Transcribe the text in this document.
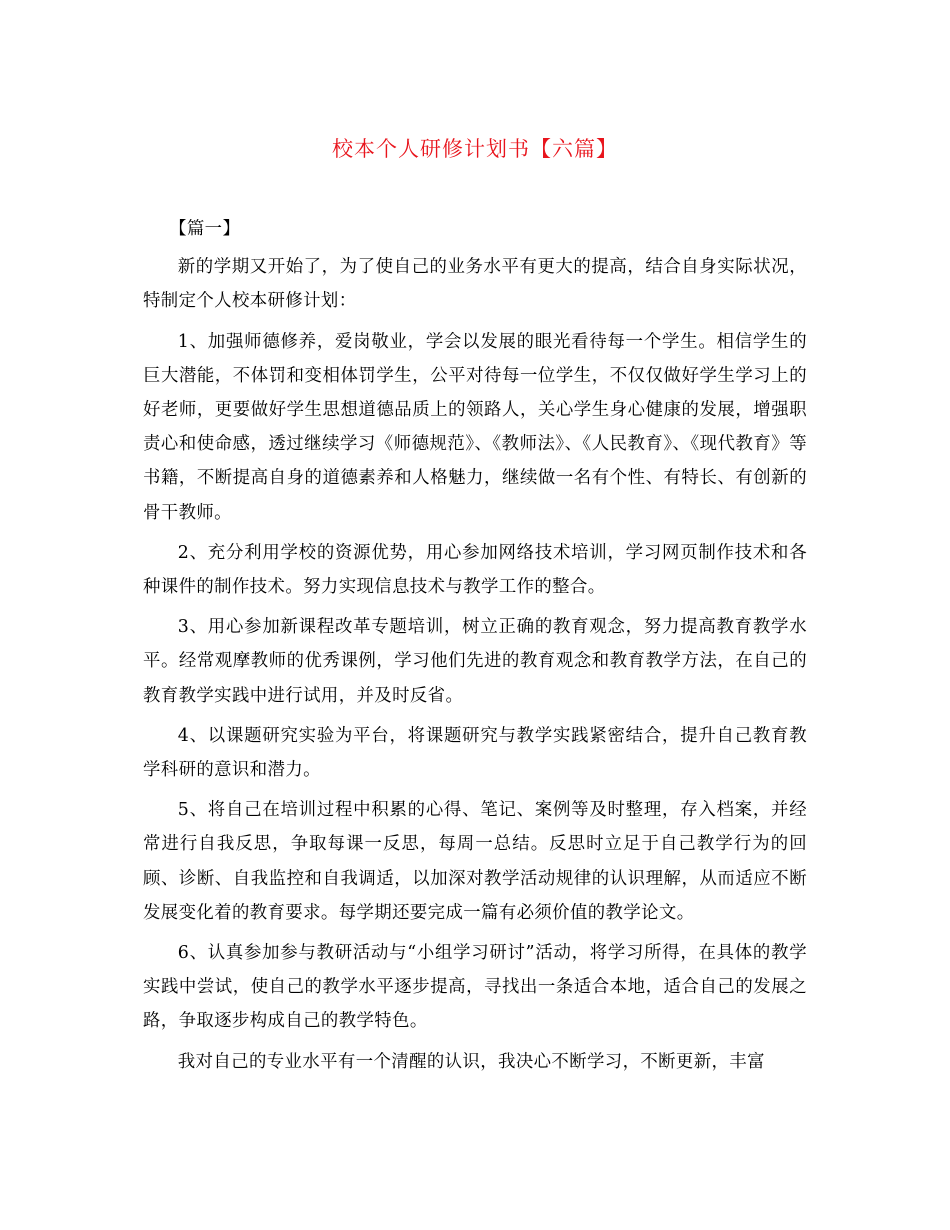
校本个人研修计划书【六篇】

【篇一】

新的学期又开始了，为了使自己的业务水平有更大的提高，结合自身实际状况，特制定个人校本研修计划：

1、加强师德修养，爱岗敬业，学会以发展的眼光看待每一个学生。相信学生的巨大潜能，不体罚和变相体罚学生，公平对待每一位学生，不仅仅做好学生学习上的好老师，更要做好学生思想道德品质上的领路人，关心学生身心健康的发展，增强职责心和使命感，透过继续学习《师德规范》、《教师法》、《人民教育》、《现代教育》等书籍，不断提高自身的道德素养和人格魅力，继续做一名有个性、有特长、有创新的骨干教师。

2、充分利用学校的资源优势，用心参加网络技术培训，学习网页制作技术和各种课件的制作技术。努力实现信息技术与教学工作的整合。

3、用心参加新课程改革专题培训，树立正确的教育观念，努力提高教育教学水平。经常观摩教师的优秀课例，学习他们先进的教育观念和教育教学方法，在自己的教育教学实践中进行试用，并及时反省。

4、以课题研究实验为平台，将课题研究与教学实践紧密结合，提升自己教育教学科研的意识和潜力。

5、将自己在培训过程中积累的心得、笔记、案例等及时整理，存入档案，并经常进行自我反思，争取每课一反思，每周一总结。反思时立足于自己教学行为的回顾、诊断、自我监控和自我调适，以加深对教学活动规律的认识理解，从而适应不断发展变化着的教育要求。每学期还要完成一篇有必须价值的教学论文。

6、认真参加参与教研活动与“小组学习研讨”活动，将学习所得，在具体的教学实践中尝试，使自己的教学水平逐步提高，寻找出一条适合本地，适合自己的发展之路，争取逐步构成自己的教学特色。

我对自己的专业水平有一个清醒的认识，我决心不断学习，不断更新，丰富
